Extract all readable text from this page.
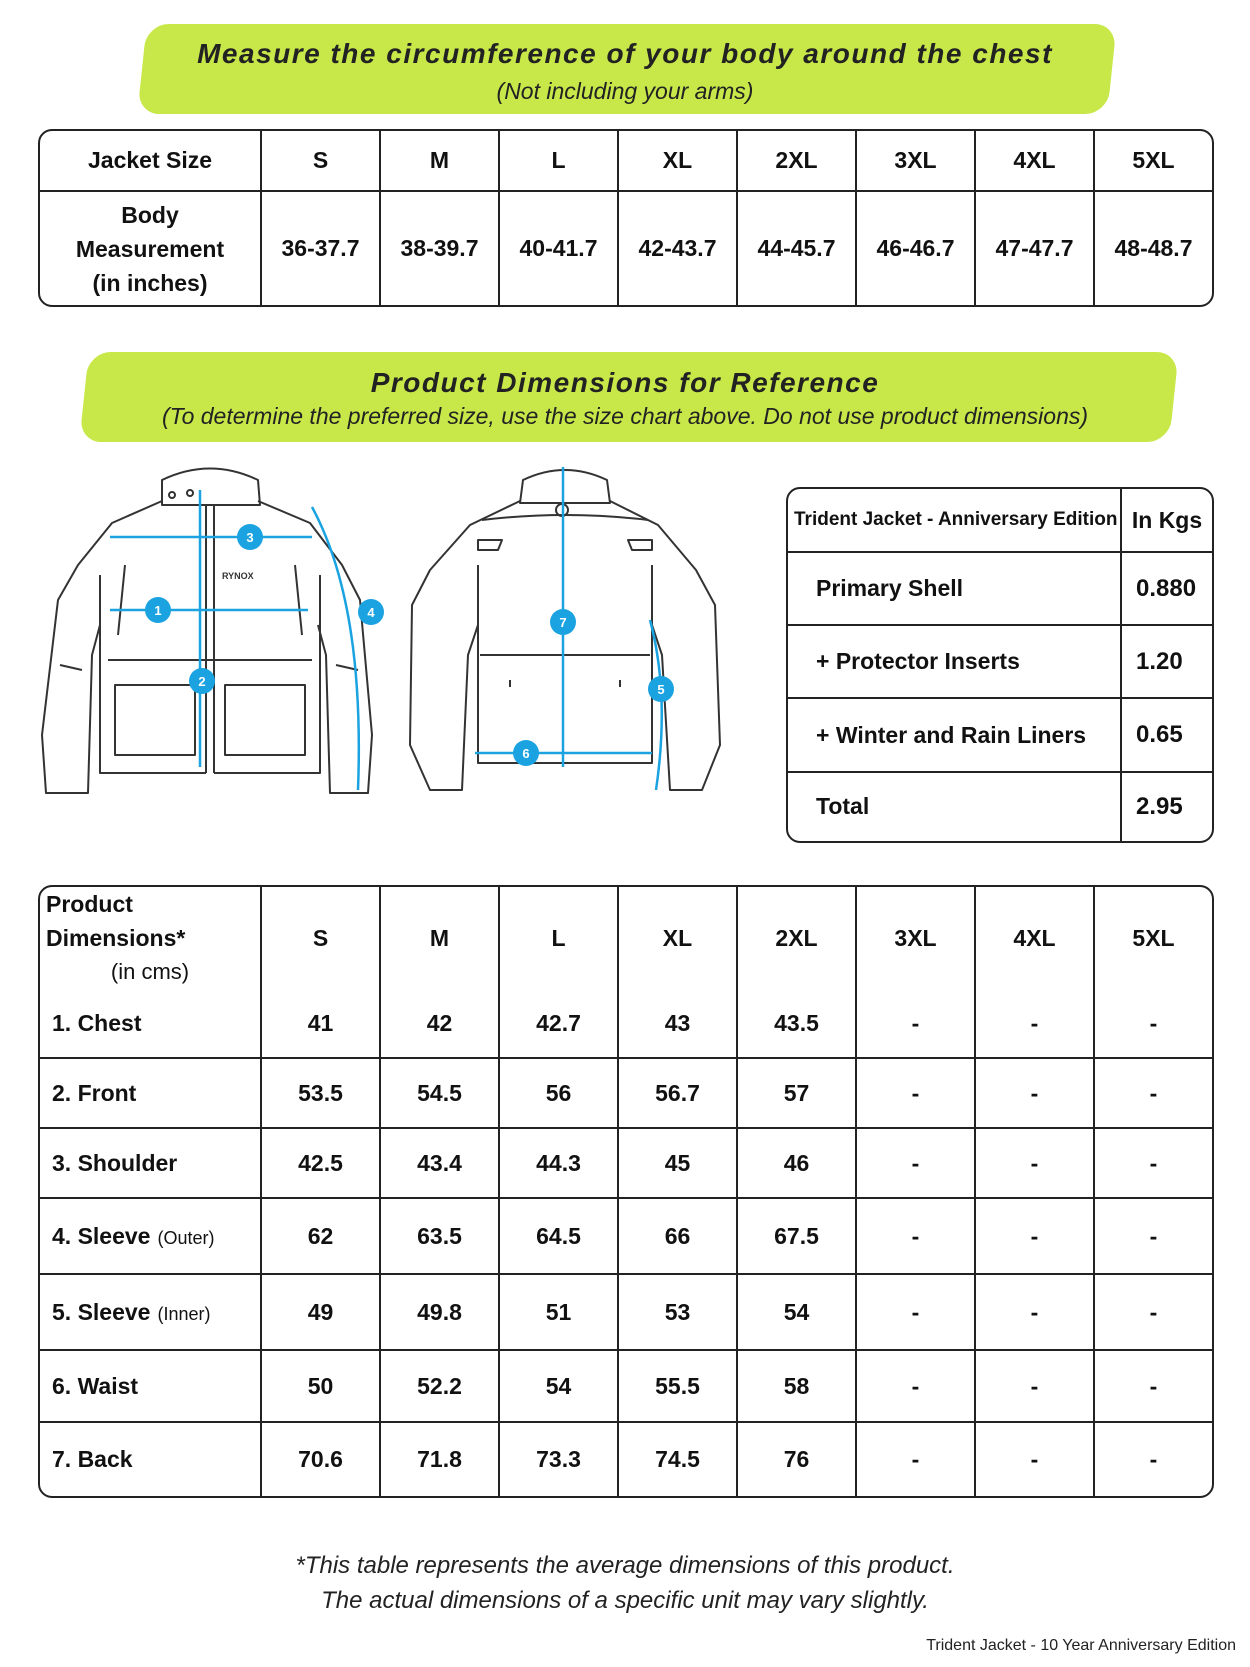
Measure the circumference of your body around the chest
(Not including your arms)
Jacket Size	S	M	L	XL	2XL	3XL	4XL	5XL

Body
Measurement
(in inches)	36-37.7	38-39.7	40-41.7	42-43.7	44-45.7	46-46.7	47-47.7	48-48.7
Product Dimensions for Reference
(To determine the preferred size, use the size chart above. Do not use product dimensions)
RYNOX
1
2
3
4
5
6
7
Trident Jacket - Anniversary Edition	In Kgs
Primary Shell	0.880
+ Protector Inserts	1.20
+ Winter and Rain Liners	0.65
Total	2.95
Product Dimensions*
(in cms)	S	M	L	XL	2XL	3XL	4XL	5XL
1. Chest	41	42	42.7	43	43.5	-	-	-
2. Front	53.5	54.5	56	56.7	57	-	-	-
3. Shoulder	42.5	43.4	44.3	45	46	-	-	-
4. Sleeve (Outer)	62	63.5	64.5	66	67.5	-	-	-
5. Sleeve (Inner)	49	49.8	51	53	54	-	-	-
6. Waist	50	52.2	54	55.5	58	-	-	-
7. Back	70.6	71.8	73.3	74.5	76	-	-	-
*This table represents the average dimensions of this product.
The actual dimensions of a specific unit may vary slightly.
Trident Jacket - 10 Year Anniversary Edition
